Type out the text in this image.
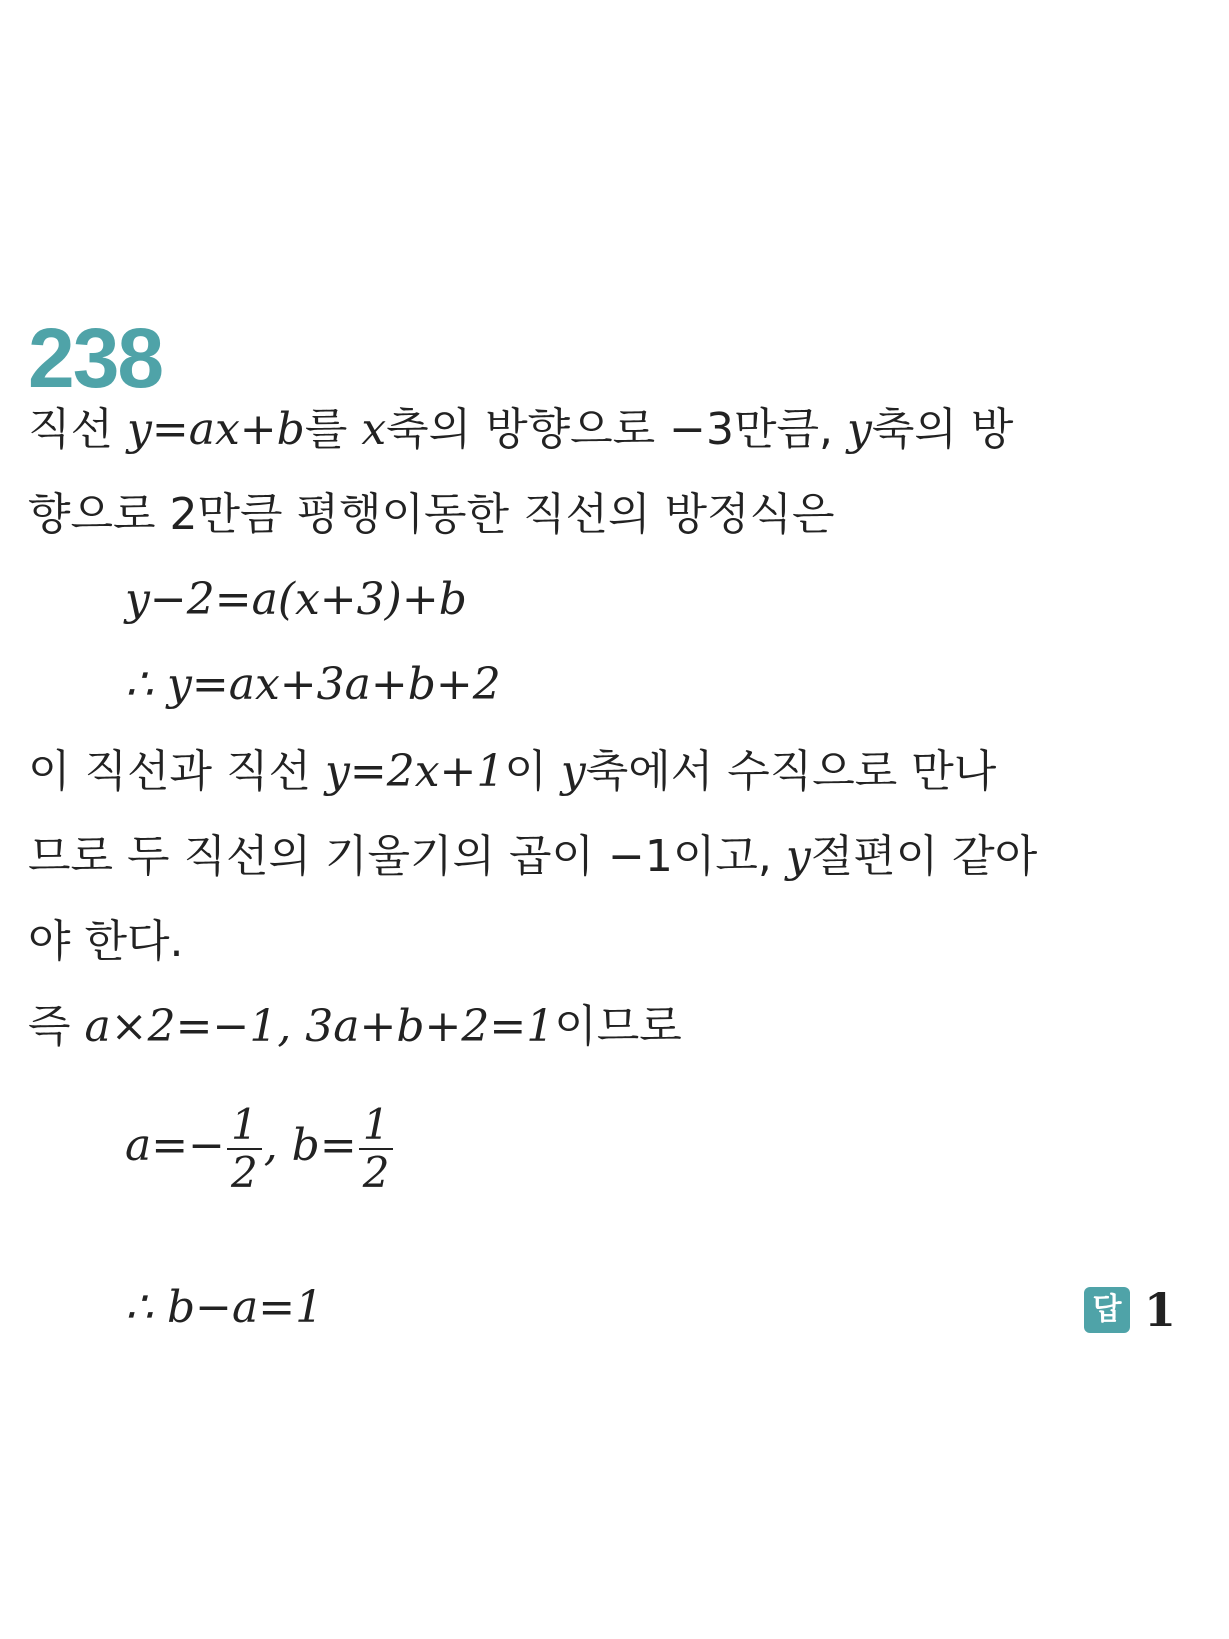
238
직선 y=ax+b를 x축의 방향으로 −3만큼, y축의 방
향으로 2만큼 평행이동한 직선의 방정식은
y−2=a(x+3)+b
∴ y=ax+3a+b+2
이 직선과 직선 y=2x+1이 y축에서 수직으로 만나
므로 두 직선의 기울기의 곱이 −1이고, y절편이 같아
야 한다.
즉 a×2=−1, 3a+b+2=1이므로
$a=- \frac{1}{2}$ , $b= \frac{1}{2}$
∴ b−a=1	답 1
